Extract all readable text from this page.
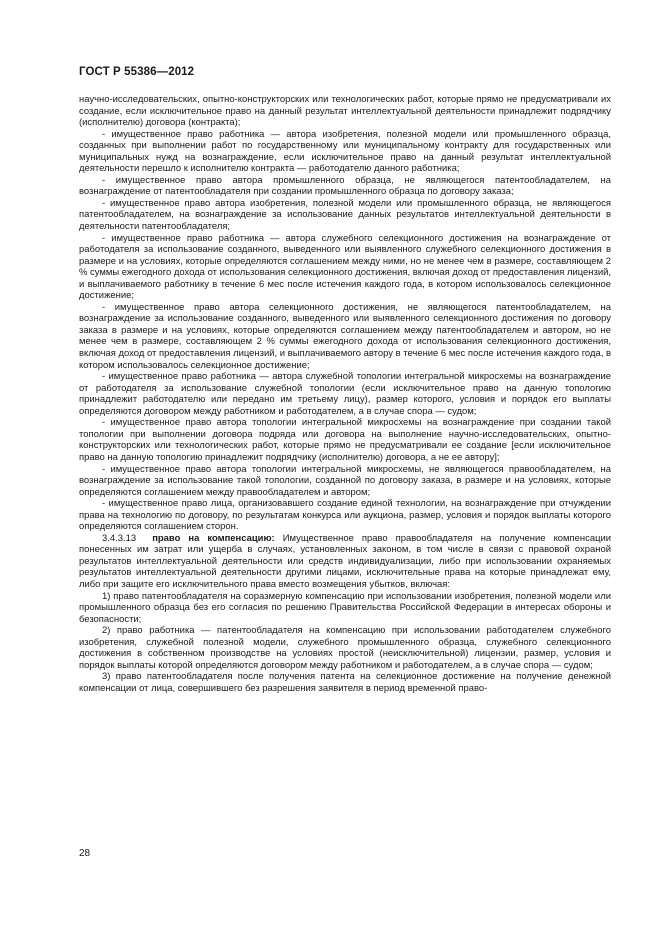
ГОСТ Р 55386—2012

научно-исследовательских, опытно-конструкторских или технологических работ, которые прямо не предусматривали их создание, если исключительное право на данный результат интеллектуальной деятельности принадлежит подрядчику (исполнителю) договора (контракта);

- имущественное право работника — автора изобретения, полезной модели или промышленного образца, созданных при выполнении работ по государственному или муниципальному контракту для государственных или муниципальных нужд на вознаграждение, если исключительное право на данный результат интеллектуальной деятельности перешло к исполнителю контракта — работодателю данного работника;

- имущественное право автора промышленного образца, не являющегося патентообладателем, на вознаграждение от патентообладателя при создании промышленного образца по договору заказа;

- имущественное право автора изобретения, полезной модели или промышленного образца, не являющегося патентообладателем, на вознаграждение за использование данных результатов интеллектуальной деятельности в деятельности патентообладателя;

- имущественное право работника — автора служебного селекционного достижения на вознаграждение от работодателя за использование созданного, выведенного или выявленного служебного селекционного достижения в размере и на условиях, которые определяются соглашением между ними, но не менее чем в размере, составляющем 2 % суммы ежегодного дохода от использования селекционного достижения, включая доход от предоставления лицензий, и выплачиваемого работнику в течение 6 мес после истечения каждого года, в котором использовалось селекционное достижение;

- имущественное право автора селекционного достижения, не являющегося патентообладателем, на вознаграждение за использование созданного, выведенного или выявленного селекционного достижения по договору заказа в размере и на условиях, которые определяются соглашением между патентообладателем и автором, но не менее чем в размере, составляющем 2 % суммы ежегодного дохода от использования селекционного достижения, включая доход от предоставления лицензий, и выплачиваемого автору в течение 6 мес после истечения каждого года, в котором использовалось селекционное достижение;

- имущественное право работника — автора служебной топологии интегральной микросхемы на вознаграждение от работодателя за использование служебной топологии (если исключительное право на данную топологию принадлежит работодателю или передано им третьему лицу), размер которого, условия и порядок его выплаты определяются договором между работником и работодателем, а в случае спора — судом;

- имущественное право автора топологии интегральной микросхемы на вознаграждение при создании такой топологии при выполнении договора подряда или договора на выполнение научно-исследовательских, опытно-конструкторских или технологических работ, которые прямо не предусматривали ее создание [если исключительное право на данную топологию принадлежит подрядчику (исполнителю) договора, а не ее автору];

- имущественное право автора топологии интегральной микросхемы, не являющегося правообладателем, на вознаграждение за использование такой топологии, созданной по договору заказа, в размере и на условиях, которые определяются соглашением между правообладателем и автором;

- имущественное право лица, организовавшего создание единой технологии, на вознаграждение при отчуждении права на технологию по договору, по результатам конкурса или аукциона, размер, условия и порядок выплаты которого определяются соглашением сторон.

3.4.3.13 право на компенсацию: Имущественное право правообладателя на получение компенсации понесенных им затрат или ущерба в случаях, установленных законом, в том числе в связи с правовой охраной результатов интеллектуальной деятельности или средств индивидуализации, либо при использовании охраняемых результатов интеллектуальной деятельности другими лицами, исключительные права на которые принадлежат ему, либо при защите его исключительного права вместо возмещения убытков, включая:

1) право патентообладателя на соразмерную компенсацию при использовании изобретения, полезной модели или промышленного образца без его согласия по решению Правительства Российской Федерации в интересах обороны и безопасности;

2) право работника — патентообладателя на компенсацию при использовании работодателем служебного изобретения, служебной полезной модели, служебного промышленного образца, служебного селекционного достижения в собственном производстве на условиях простой (неисключительной) лицензии, размер, условия и порядок выплаты которой определяются договором между работником и работодателем, а в случае спора — судом;

3) право патентообладателя после получения патента на селекционное достижение на получение денежной компенсации от лица, совершившего без разрешения заявителя в период временной право-

28
